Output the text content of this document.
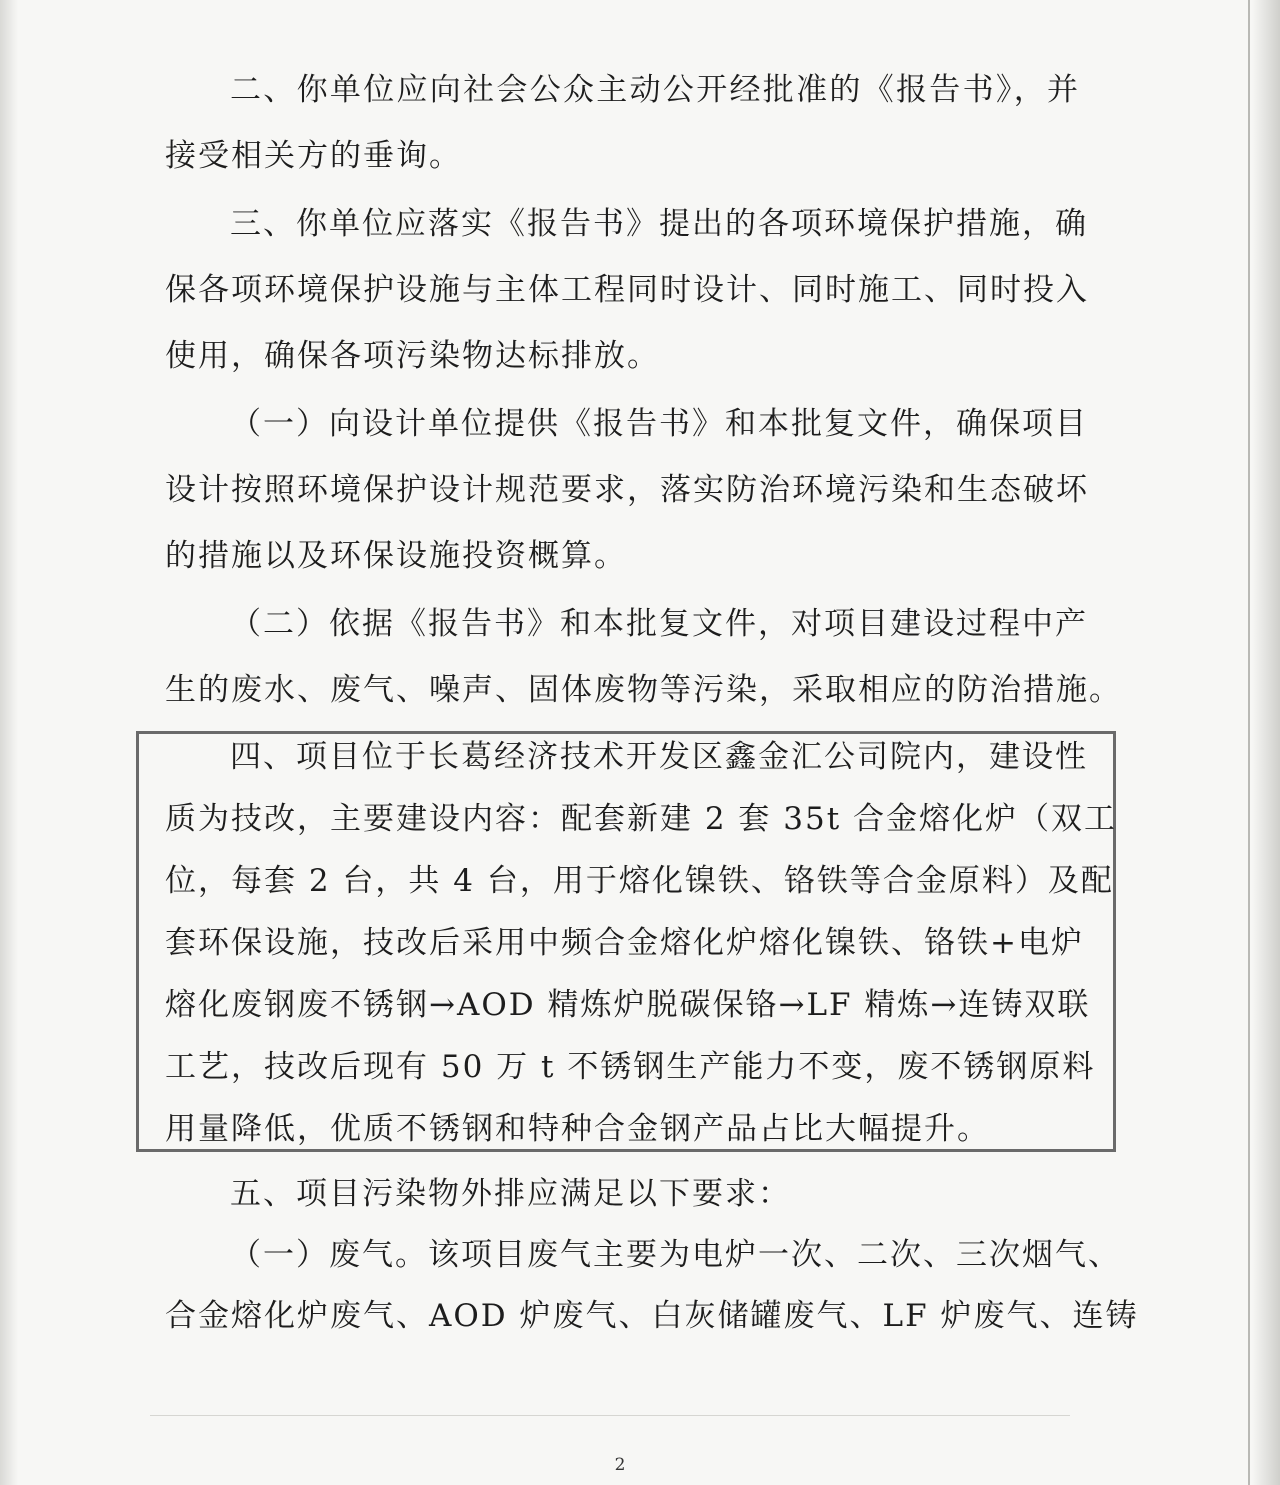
二、你单位应向社会公众主动公开经批准的《报告书》，并
接受相关方的垂询。
三、你单位应落实《报告书》提出的各项环境保护措施，确
保各项环境保护设施与主体工程同时设计、同时施工、同时投入
使用，确保各项污染物达标排放。
（一）向设计单位提供《报告书》和本批复文件，确保项目
设计按照环境保护设计规范要求，落实防治环境污染和生态破坏
的措施以及环保设施投资概算。
（二）依据《报告书》和本批复文件，对项目建设过程中产
生的废水、废气、噪声、固体废物等污染，采取相应的防治措施。
四、项目位于长葛经济技术开发区鑫金汇公司院内，建设性
质为技改，主要建设内容：配套新建 2 套 35t 合金熔化炉（双工
位，每套 2 台，共 4 台，用于熔化镍铁、铬铁等合金原料）及配
套环保设施，技改后采用中频合金熔化炉熔化镍铁、铬铁+电炉
熔化废钢废不锈钢→AOD 精炼炉脱碳保铬→LF 精炼→连铸双联
工艺，技改后现有 50 万 t 不锈钢生产能力不变，废不锈钢原料
用量降低，优质不锈钢和特种合金钢产品占比大幅提升。
五、项目污染物外排应满足以下要求：
（一）废气。该项目废气主要为电炉一次、二次、三次烟气、
合金熔化炉废气、AOD 炉废气、白灰储罐废气、LF 炉废气、连铸
2
